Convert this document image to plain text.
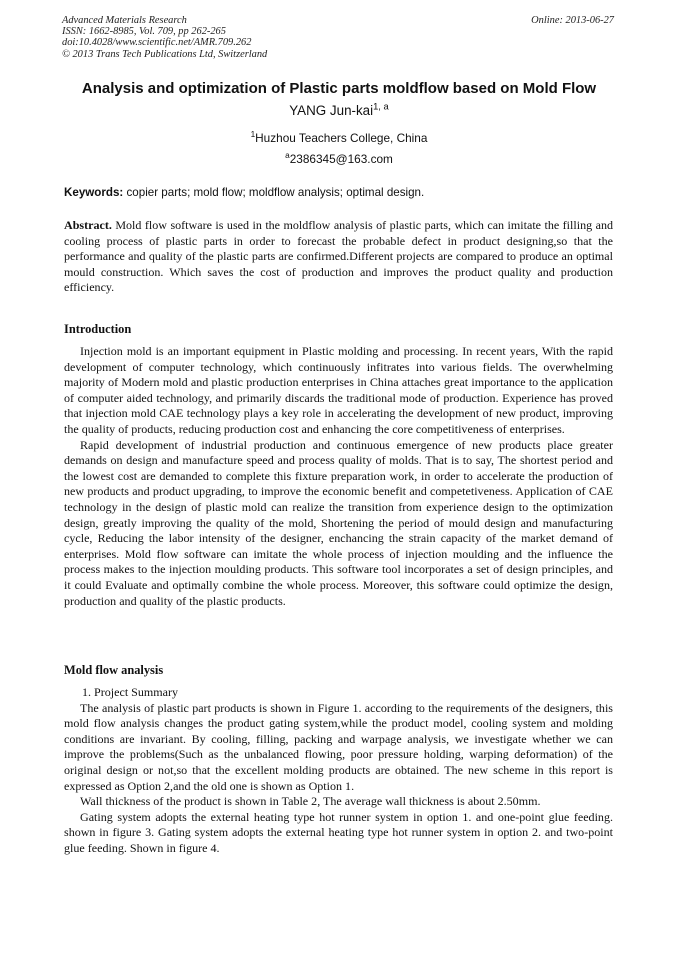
Advanced Materials Research
ISSN: 1662-8985, Vol. 709, pp 262-265
doi:10.4028/www.scientific.net/AMR.709.262
© 2013 Trans Tech Publications Ltd, Switzerland
Online: 2013-06-27
Analysis and optimization of Plastic parts moldflow based on Mold Flow
YANG Jun-kai$^{1, a}$
$^1$Huzhou Teachers College, China
$^a$2386345@163.com
Keywords: copier parts; mold flow; moldflow analysis; optimal design.

Abstract. Mold flow software is used in the moldflow analysis of plastic parts, which can imitate the filling and cooling process of plastic parts in order to forecast the probable defect in product designing,so that the performance and quality of the plastic parts are confirmed.Different projects are compared to produce an optimal mould construction. Which saves the cost of production and improves the product quality and production efficiency.

Introduction

Injection mold is an important equipment in Plastic molding and processing. In recent years, With the rapid development of computer technology, which continuously infitrates into various fields. The overwhelming majority of Modern mold and plastic production enterprises in China attaches great importance to the application of computer aided technology, and primarily discards the traditional mode of production. Experience has proved that injection mold CAE technology plays a key role in accelerating the development of new product, improving the quality of products, reducing production cost and enhancing the core competitiveness of enterprises.

Rapid development of industrial production and continuous emergence of new products place greater demands on design and manufacture speed and process quality of molds. That is to say, The shortest period and the lowest cost are demanded to complete this fixture preparation work, in order to accelerate the production of new products and product upgrading, to improve the economic benefit and competetiveness. Application of CAE technology in the design of plastic mold can realize the transition from experience design to the optimization design, greatly improving the quality of the mold, Shortening the period of mould design and manufacturing cycle, Reducing the labor intensity of the designer, enchancing the strain capacity of the market demand of enterprises. Mold flow software can imitate the whole process of injection moulding and the influence the process makes to the injection moulding products. This software tool incorporates a set of design principles, and it could Evaluate and optimally combine the whole process. Moreover, this software could optimize the design, production and quality of the plastic products.

Mold flow analysis

1. Project Summary

The analysis of plastic part products is shown in Figure 1. according to the requirements of the designers, this mold flow analysis changes the product gating system,while the product model, cooling system and molding conditions are invariant. By cooling, filling, packing and warpage analysis, we investigate whether we can improve the problems(Such as the unbalanced flowing, poor pressure holding, warping deformation) of the original design or not,so that the excellent molding products are obtained. The new scheme in this report is expressed as Option 2,and the old one is shown as Option 1.

Wall thickness of the product is shown in Table 2, The average wall thickness is about 2.50mm.

Gating system adopts the external heating type hot runner system in option 1. and one-point glue feeding. shown in figure 3. Gating system adopts the external heating type hot runner system in option 2. and two-point glue feeding. Shown in figure 4.
